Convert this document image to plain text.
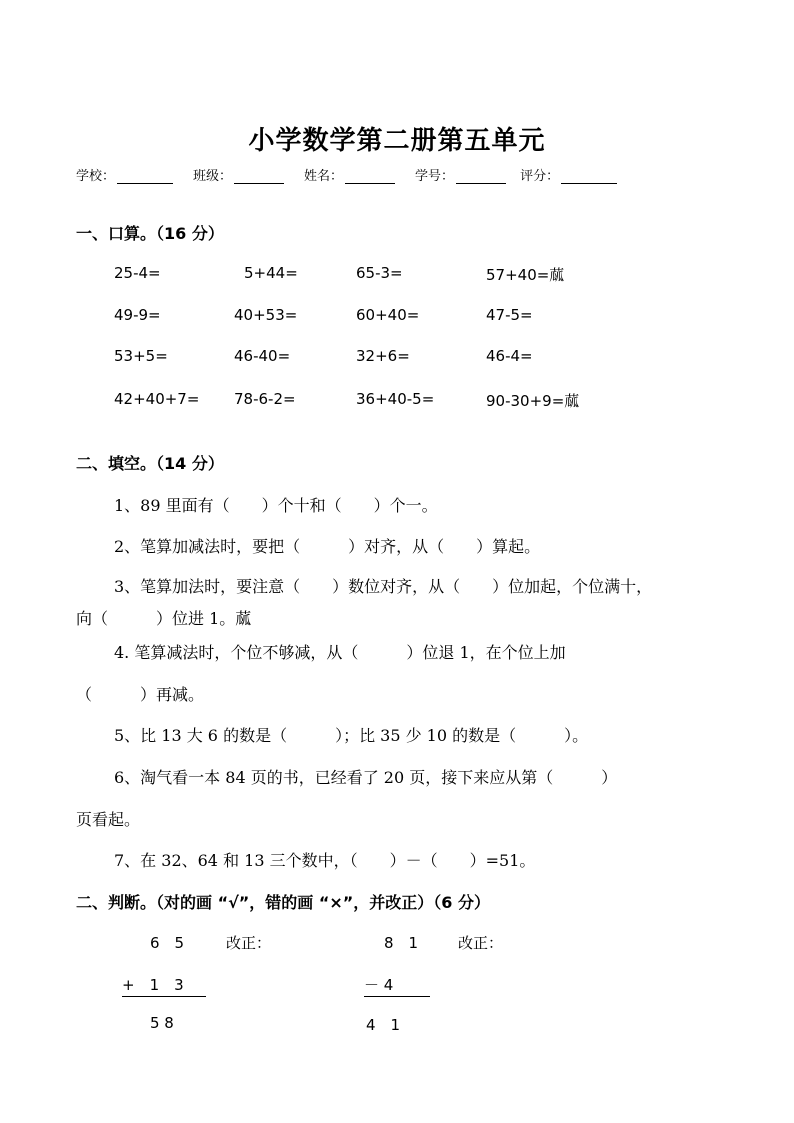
小学数学第二册第五单元
学校：	班级：	姓名：	学号：	评分：
一、口算。（16 分）
25-4=	5+44=	65-3=	57+40=蓏
49-9=	40+53=	60+40=	47-5=
53+5=	46-40=	32+6=	46-4=
42+40+7= 78-6-2=	36+40-5=	90-30+9=蓏
二、填空。（14 分）
1、89 里面有（　　）个十和（　　）个一。
2、笔算加减法时，要把（　　　）对齐，从（　　）算起。
3、笔算加法时，要注意（　　）数位对齐，从（　　）位加起，个位满十，
向（　　　）位进 1。蓏
4. 笔算减法时，个位不够减，从（　　　）位退 1，在个位上加
（　　　）再减。
5、比 13 大 6 的数是（　　　）；比 35 少 10 的数是（　　　）。
6、淘气看一本 84 页的书，已经看了 20 页，接下来应从第（　　　）
页看起。
7、在 32、64 和 13 三个数中，（　　）－（　　）=51。
二、判断。（对的画 “√”，错的画 “×”，并改正）（6 分）
6　5	改正：
+　1　3
5 8
8　1	改正：
－ 4
4　1
